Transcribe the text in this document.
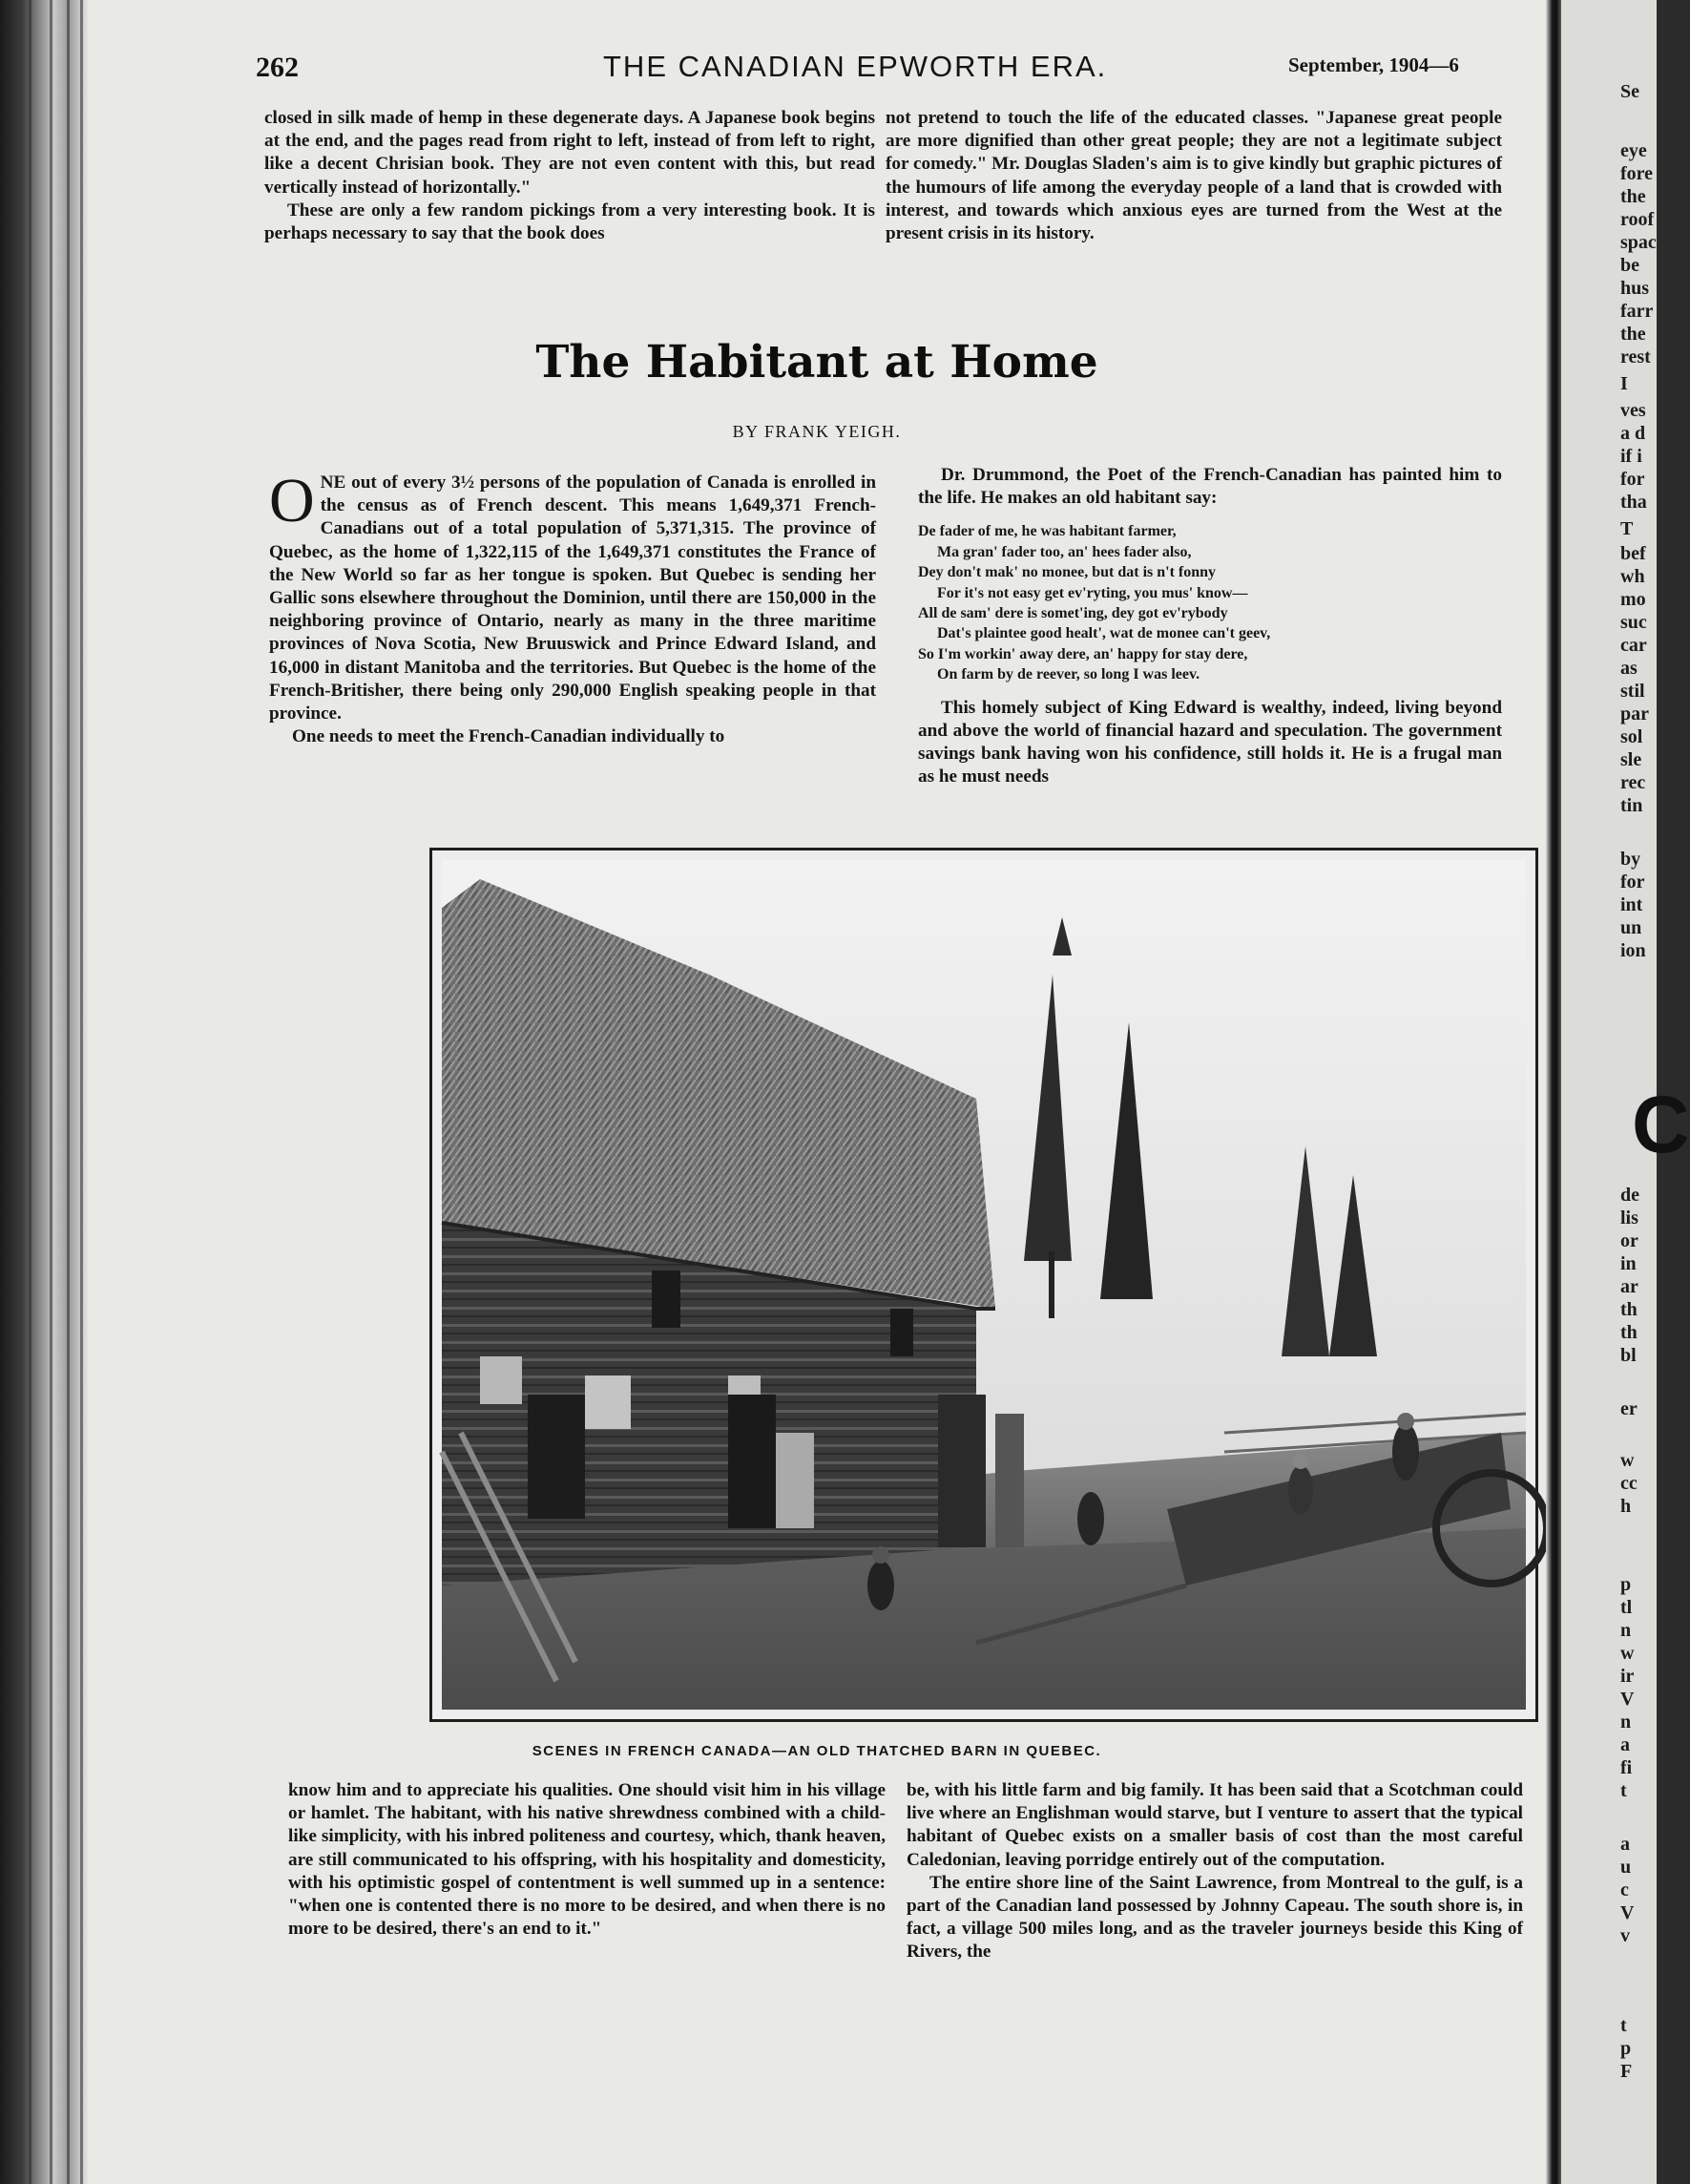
262	THE CANADIAN EPWORTH ERA.	September, 1904—6

closed in silk made of hemp in these degenerate days. A Japanese book begins at the end, and the pages read from right to left, instead of from left to right, like a decent Chrisian book. They are not even content with this, but read vertically instead of horizontally."

These are only a few random pickings from a very interesting book. It is perhaps necessary to say that the book does

not pretend to touch the life of the educated classes. "Japanese great people are more dignified than other great people; they are not a legitimate subject for comedy." Mr. Douglas Sladen's aim is to give kindly but graphic pictures of the humours of life among the everyday people of a land that is crowded with interest, and towards which anxious eyes are turned from the West at the present crisis in its history.

The Habitant at Home
BY FRANK YEIGH.

ONE out of every 3½ persons of the population of Canada is enrolled in the census as of French descent. This means 1,649,371 French-Canadians out of a total population of 5,371,315. The province of Quebec, as the home of 1,322,115 of the 1,649,371 constitutes the France of the New World so far as her tongue is spoken. But Quebec is sending her Gallic sons elsewhere throughout the Dominion, until there are 150,000 in the neighboring province of Ontario, nearly as many in the three maritime provinces of Nova Scotia, New Bruuswick and Prince Edward Island, and 16,000 in distant Manitoba and the territories. But Quebec is the home of the French-Britisher, there being only 290,000 English speaking people in that province.

One needs to meet the French-Canadian individually to

Dr. Drummond, the Poet of the French-Canadian has painted him to the life. He makes an old habitant say:

De fader of me, he was habitant farmer,
Ma gran' fader too, an' hees fader also,
Dey don't mak' no monee, but dat is n't fonny
For it's not easy get ev'ryting, you mus' know—
All de sam' dere is somet'ing, dey got ev'rybody
Dat's plaintee good healt', wat de monee can't geev,
So I'm workin' away dere, an' happy for stay dere,
On farm by de reever, so long I was leev.

This homely subject of King Edward is wealthy, indeed, living beyond and above the world of financial hazard and speculation. The government savings bank having won his confidence, still holds it. He is a frugal man as he must needs

SCENES IN FRENCH CANADA—AN OLD THATCHED BARN IN QUEBEC.

know him and to appreciate his qualities. One should visit him in his village or hamlet. The habitant, with his native shrewdness combined with a child-like simplicity, with his inbred politeness and courtesy, which, thank heaven, are still communicated to his offspring, with his hospitality and domesticity, with his optimistic gospel of contentment is well summed up in a sentence: "when one is contented there is no more to be desired, and when there is no more to be desired, there's an end to it."

be, with his little farm and big family. It has been said that a Scotchman could live where an Englishman would starve, but I venture to assert that the typical habitant of Quebec exists on a smaller basis of cost than the most careful Caledonian, leaving porridge entirely out of the computation.

The entire shore line of the Saint Lawrence, from Montreal to the gulf, is a part of the Canadian land possessed by Johnny Capeau. The south shore is, in fact, a village 500 miles long, and as the traveler journeys beside this King of Rivers, the

Se
eye
fore
the
roof
spac
be
hus
farr
the
rest
I
ves
a d
if i
for
tha
T
bef
wh
mo
suc
car
as
stil
par
sol
sle
rec
tin
by
for
int
un
ion
C
de
lis
or
in
ar
th
th
bl
er
w
cc
h
p
tl
n
w
ir
V
n
a
fi
t
a
u
c
V
v
t
p
F
